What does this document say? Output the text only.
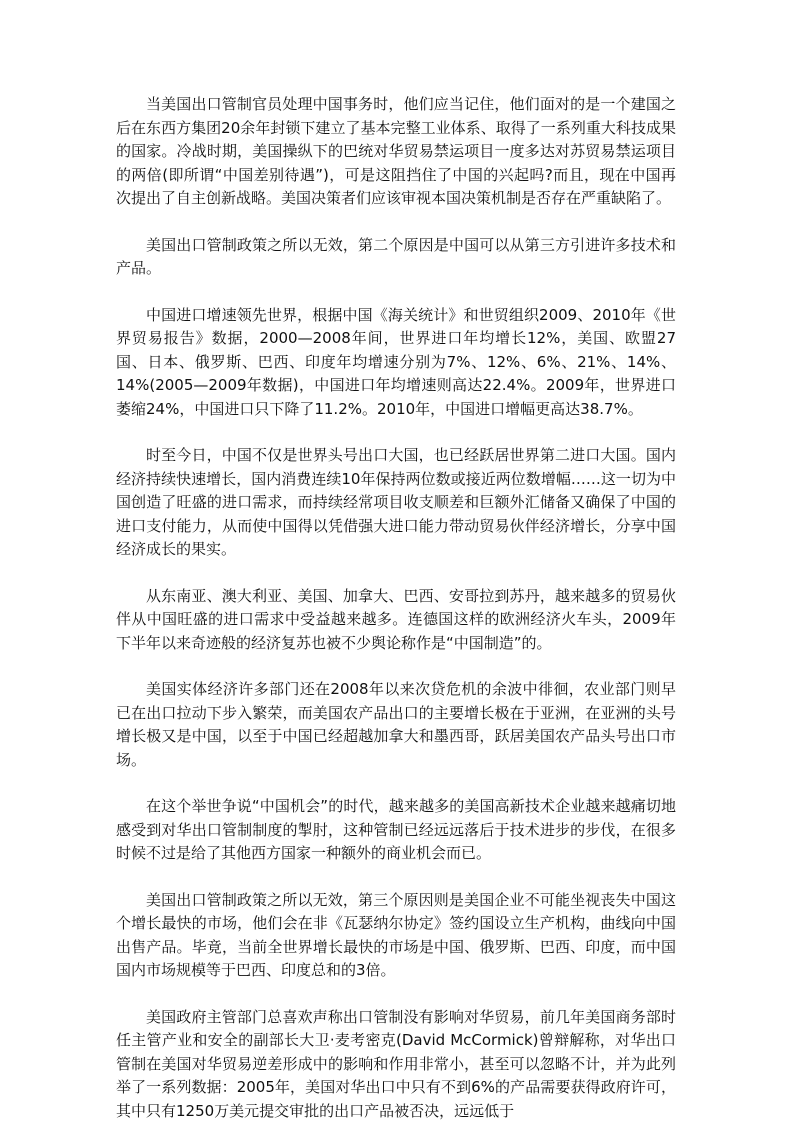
当美国出口管制官员处理中国事务时，他们应当记住，他们面对的是一个建国之后在东西方集团20余年封锁下建立了基本完整工业体系、取得了一系列重大科技成果的国家。冷战时期，美国操纵下的巴统对华贸易禁运项目一度多达对苏贸易禁运项目的两倍(即所谓“中国差别待遇”)，可是这阻挡住了中国的兴起吗?而且，现在中国再次提出了自主创新战略。美国决策者们应该审视本国决策机制是否存在严重缺陷了。

美国出口管制政策之所以无效，第二个原因是中国可以从第三方引进许多技术和产品。

中国进口增速领先世界，根据中国《海关统计》和世贸组织2009、2010年《世界贸易报告》数据，2000—2008年间，世界进口年均增长12%，美国、欧盟27国、日本、俄罗斯、巴西、印度年均增速分别为7%、12%、6%、21%、14%、14%(2005—2009年数据)，中国进口年均增速则高达22.4%。2009年，世界进口萎缩24%，中国进口只下降了11.2%。2010年，中国进口增幅更高达38.7%。

时至今日，中国不仅是世界头号出口大国，也已经跃居世界第二进口大国。国内经济持续快速增长，国内消费连续10年保持两位数或接近两位数增幅……这一切为中国创造了旺盛的进口需求，而持续经常项目收支顺差和巨额外汇储备又确保了中国的进口支付能力，从而使中国得以凭借强大进口能力带动贸易伙伴经济增长，分享中国经济成长的果实。

从东南亚、澳大利亚、美国、加拿大、巴西、安哥拉到苏丹，越来越多的贸易伙伴从中国旺盛的进口需求中受益越来越多。连德国这样的欧洲经济火车头，2009年下半年以来奇迹般的经济复苏也被不少舆论称作是“中国制造”的。

美国实体经济许多部门还在2008年以来次贷危机的余波中徘徊，农业部门则早已在出口拉动下步入繁荣，而美国农产品出口的主要增长极在于亚洲，在亚洲的头号增长极又是中国，以至于中国已经超越加拿大和墨西哥，跃居美国农产品头号出口市场。

在这个举世争说“中国机会”的时代，越来越多的美国高新技术企业越来越痛切地感受到对华出口管制制度的掣肘，这种管制已经远远落后于技术进步的步伐，在很多时候不过是给了其他西方国家一种额外的商业机会而已。

美国出口管制政策之所以无效，第三个原因则是美国企业不可能坐视丧失中国这个增长最快的市场，他们会在非《瓦瑟纳尔协定》签约国设立生产机构，曲线向中国出售产品。毕竟，当前全世界增长最快的市场是中国、俄罗斯、巴西、印度，而中国国内市场规模等于巴西、印度总和的3倍。

美国政府主管部门总喜欢声称出口管制没有影响对华贸易，前几年美国商务部时任主管产业和安全的副部长大卫·麦考密克(David McCormick)曾辩解称，对华出口管制在美国对华贸易逆差形成中的影响和作用非常小，甚至可以忽略不计，并为此列举了一系列数据：2005年，美国对华出口中只有不到6%的产品需要获得政府许可，其中只有1250万美元提交审批的出口产品被否决，远远低于
